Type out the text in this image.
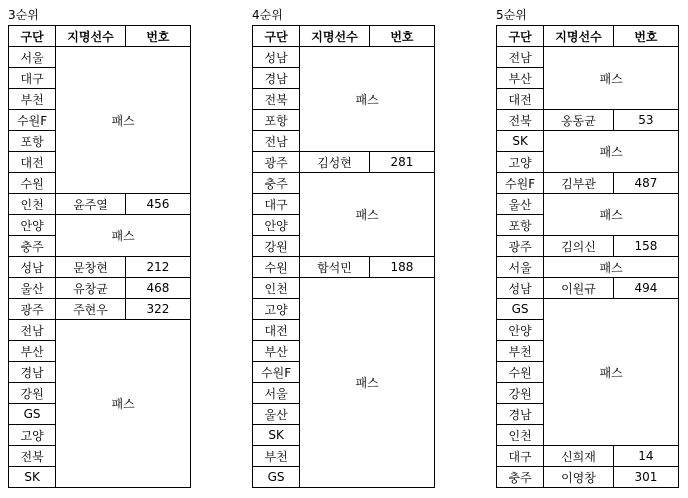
3순위
구단	지명선수	번호
서울	패스	
대구		
부천		
수원F		
포항		
대전		
수원		
인천	윤주열	456
안양	패스	
충주		
성남	문창현	212
울산	유창균	468
광주	주현우	322
전남	패스	
부산		
경남		
강원		
GS		
고양		
전북		
SK		
4순위
구단	지명선수	번호
성남	패스	
경남		
전북		
포항		
전남		
광주	김성현	281
충주	패스	
대구		
안양		
강원		
수원	함석민	188
인천	패스	
고양		
대전		
부산		
수원F		
서울		
울산		
SK		
부천		
GS		
5순위
구단	지명선수	번호
전남	패스	
부산		
대전		
전북	옹동균	53
SK	패스	
고양		
수원F	김부관	487
울산	패스	
포항		
광주	김의신	158
서울	패스	
성남	이원규	494
GS	패스	
안양		
부천		
수원		
강원		
경남		
인천		
대구	신희재	14
충주	이영창	301
